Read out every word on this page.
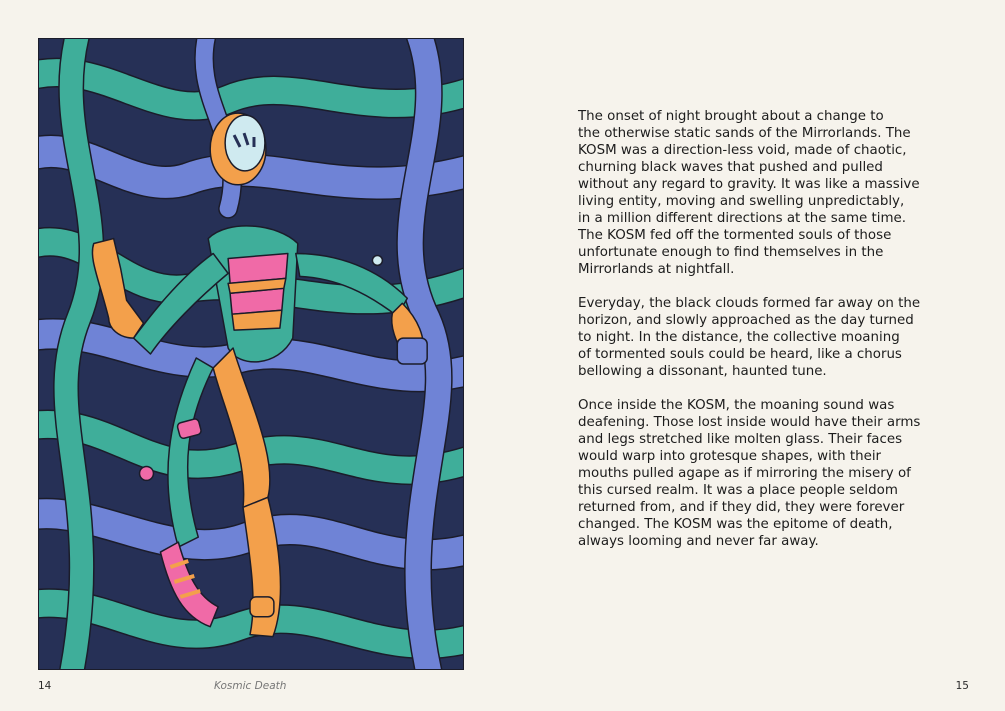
14	Kosmic Death

The onset of night brought about a change to
the otherwise static sands of the Mirrorlands. The
KOSM was a direction-less void, made of chaotic,
churning black waves that pushed and pulled
without any regard to gravity. It was like a massive
living entity, moving and swelling unpredictably,
in a million different directions at the same time.
The KOSM fed off the tormented souls of those
unfortunate enough to find themselves in the
Mirrorlands at nightfall.

Everyday, the black clouds formed far away on the
horizon, and slowly approached as the day turned
to night. In the distance, the collective moaning
of tormented souls could be heard, like a chorus
bellowing a dissonant, haunted tune.

Once inside the KOSM, the moaning sound was
deafening. Those lost inside would have their arms
and legs stretched like molten glass. Their faces
would warp into grotesque shapes, with their
mouths pulled agape as if mirroring the misery of
this cursed realm. It was a place people seldom
returned from, and if they did, they were forever
changed. The KOSM was the epitome of death,
always looming and never far away.

15
